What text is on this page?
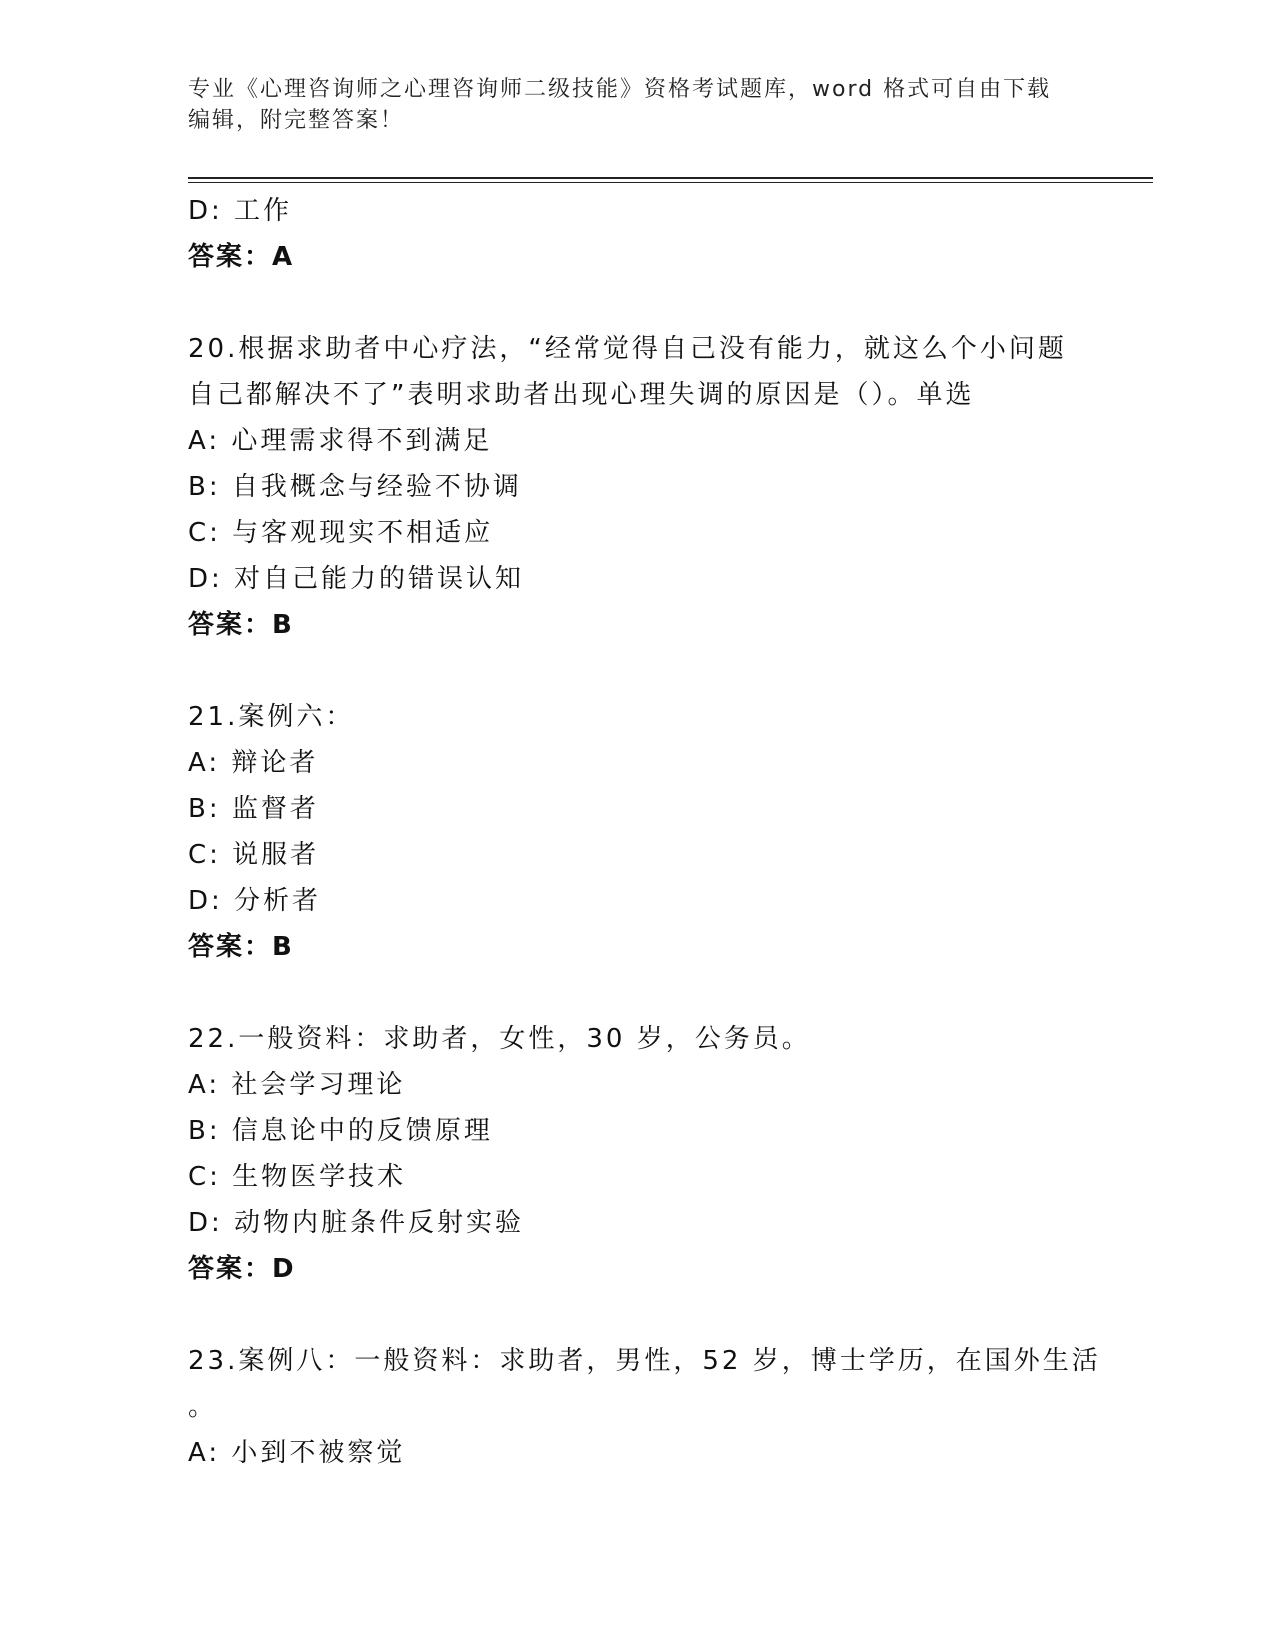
专业《心理咨询师之心理咨询师二级技能》资格考试题库，word 格式可自由下载

编辑，附完整答案！

D: 工作
答案：A
20.根据求助者中心疗法，“经常觉得自己没有能力，就这么个小问题
自己都解决不了”表明求助者出现心理失调的原因是（）。单选
A: 心理需求得不到满足
B: 自我概念与经验不协调
C: 与客观现实不相适应
D: 对自己能力的错误认知
答案：B
21.案例六：
A: 辩论者
B: 监督者
C: 说服者
D: 分析者
答案：B
22.一般资料：求助者，女性，30 岁，公务员。
A: 社会学习理论
B: 信息论中的反馈原理
C: 生物医学技术
D: 动物内脏条件反射实验
答案：D
23.案例八：一般资料：求助者，男性，52 岁，博士学历，在国外生活
。
A: 小到不被察觉
